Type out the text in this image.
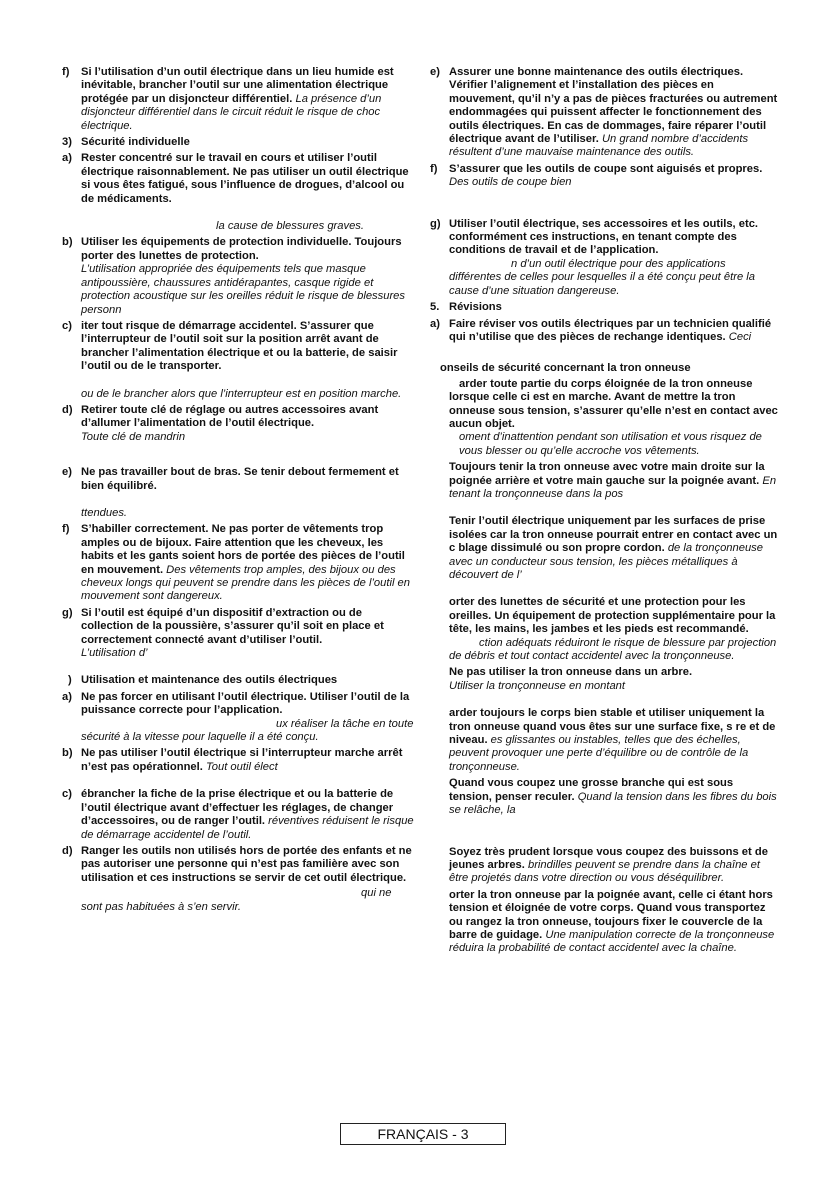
f) Si l’utilisation d’un outil électrique dans un lieu humide est inévitable, brancher l’outil sur une alimentation électrique protégée par un disjoncteur différentiel. La présence d’un disjoncteur différentiel dans le circuit réduit le risque de choc électrique.
3) Sécurité individuelle
a) Rester concentré sur le travail en cours et utiliser l’outil électrique raisonnablement. Ne pas utiliser un outil électrique si vous êtes fatigué, sous l’influence de drogues, d’alcool ou de médicaments.
la cause de blessures graves.
b) Utiliser les équipements de protection individuelle. Toujours porter des lunettes de protection.
L’utilisation appropriée des équipements tels que masque antipoussière, chaussures antidérapantes, casque rigide et protection acoustique sur les oreilles réduit le risque de blessures personn
c) iter tout risque de démarrage accidentel. S’assurer que l’interrupteur de l’outil soit sur la position arrêt avant de brancher l’alimentation électrique et ou la batterie, de saisir l’outil ou de le transporter.
ou de le brancher alors que l’interrupteur est en position marche.
d) Retirer toute clé de réglage ou autres accessoires avant d’allumer l’alimentation de l’outil électrique.
Toute clé de mandrin
e) Ne pas travailler bout de bras. Se tenir debout fermement et bien équilibré.
ttendues.
f) S’habiller correctement. Ne pas porter de vêtements trop amples ou de bijoux. Faire attention que les cheveux, les habits et les gants soient hors de portée des pièces de l’outil en mouvement. Des vêtements trop amples, des bijoux ou des cheveux longs qui peuvent se prendre dans les pièces de l’outil en mouvement sont dangereux.
g) Si l’outil est équipé d’un dispositif d’extraction ou de collection de la poussière, s’assurer qu’il soit en place et correctement connecté avant d’utiliser l’outil.
L’utilisation d’
) Utilisation et maintenance des outils électriques
a) Ne pas forcer en utilisant l’outil électrique. Utiliser l’outil de la puissance correcte pour l’application.
ux réaliser la tâche en toute sécurité à la vitesse pour laquelle il a été conçu.
b) Ne pas utiliser l’outil électrique si l’interrupteur marche arrêt n’est pas opérationnel. Tout outil élect
c) ébrancher la fiche de la prise électrique et ou la batterie de l’outil électrique avant d’effectuer les réglages, de changer d’accessoires, ou de ranger l’outil. réventives réduisent le risque de démarrage accidentel de l’outil.
d) Ranger les outils non utilisés hors de portée des enfants et ne pas autoriser une personne qui n’est pas familière avec son utilisation et ces instructions se servir de cet outil électrique.
qui ne sont pas habituées à s’en servir.
e) Assurer une bonne maintenance des outils électriques. Vérifier l’alignement et l’installation des pièces en mouvement, qu’il n’y a pas de pièces fracturées ou autrement endommagées qui puissent affecter le fonctionnement des outils électriques. En cas de dommages, faire réparer l’outil électrique avant de l’utiliser. Un grand nombre d’accidents résultent d’une mauvaise maintenance des outils.
f) S’assurer que les outils de coupe sont aiguisés et propres. Des outils de coupe bien
g) Utiliser l’outil électrique, ses accessoires et les outils, etc. conformément ces instructions, en tenant compte des conditions de travail et de l’application.
n d’un outil électrique pour des applications différentes de celles pour lesquelles il a été conçu peut être la cause d’une situation dangereuse.
5. Révisions
a) Faire réviser vos outils électriques par un technicien qualifié qui n’utilise que des pièces de rechange identiques. Ceci
onseils de sécurité concernant la tron onneuse
arder toute partie du corps éloignée de la tron onneuse lorsque celle ci est en marche. Avant de mettre la tron onneuse sous tension, s’assurer qu’elle n’est en contact avec aucun objet.
oment d’inattention pendant son utilisation et vous risquez de vous blesser ou qu’elle accroche vos vêtements.
Toujours tenir la tron onneuse avec votre main droite sur la poignée arrière et votre main gauche sur la poignée avant. En tenant la tronçonneuse dans la pos
Tenir l’outil électrique uniquement par les surfaces de prise isolées car la tron onneuse pourrait entrer en contact avec un c blage dissimulé ou son propre cordon. de la tronçonneuse avec un conducteur sous tension, les pièces métalliques à découvert de l’
orter des lunettes de sécurité et une protection pour les oreilles. Un équipement de protection supplémentaire pour la tête, les mains, les jambes et les pieds est recommandé.
ction adéquats réduiront le risque de blessure par projection de débris et tout contact accidentel avec la tronçonneuse.
Ne pas utiliser la tron onneuse dans un arbre.
Utiliser la tronçonneuse en montant
arder toujours le corps bien stable et utiliser uniquement la tron onneuse quand vous êtes sur une surface fixe, s re et de niveau. es glissantes ou instables, telles que des échelles, peuvent provoquer une perte d’équilibre ou de contrôle de la tronçonneuse.
Quand vous coupez une grosse branche qui est sous tension, penser reculer. Quand la tension dans les fibres du bois se relâche, la
Soyez très prudent lorsque vous coupez des buissons et de jeunes arbres. brindilles peuvent se prendre dans la chaîne et être projetés dans votre direction ou vous déséquilibrer.
orter la tron onneuse par la poignée avant, celle ci étant hors tension et éloignée de votre corps. Quand vous transportez ou rangez la tron onneuse, toujours fixer le couvercle de la barre de guidage. Une manipulation correcte de la tronçonneuse réduira la probabilité de contact accidentel avec la chaîne.
FRANÇAIS - 3
